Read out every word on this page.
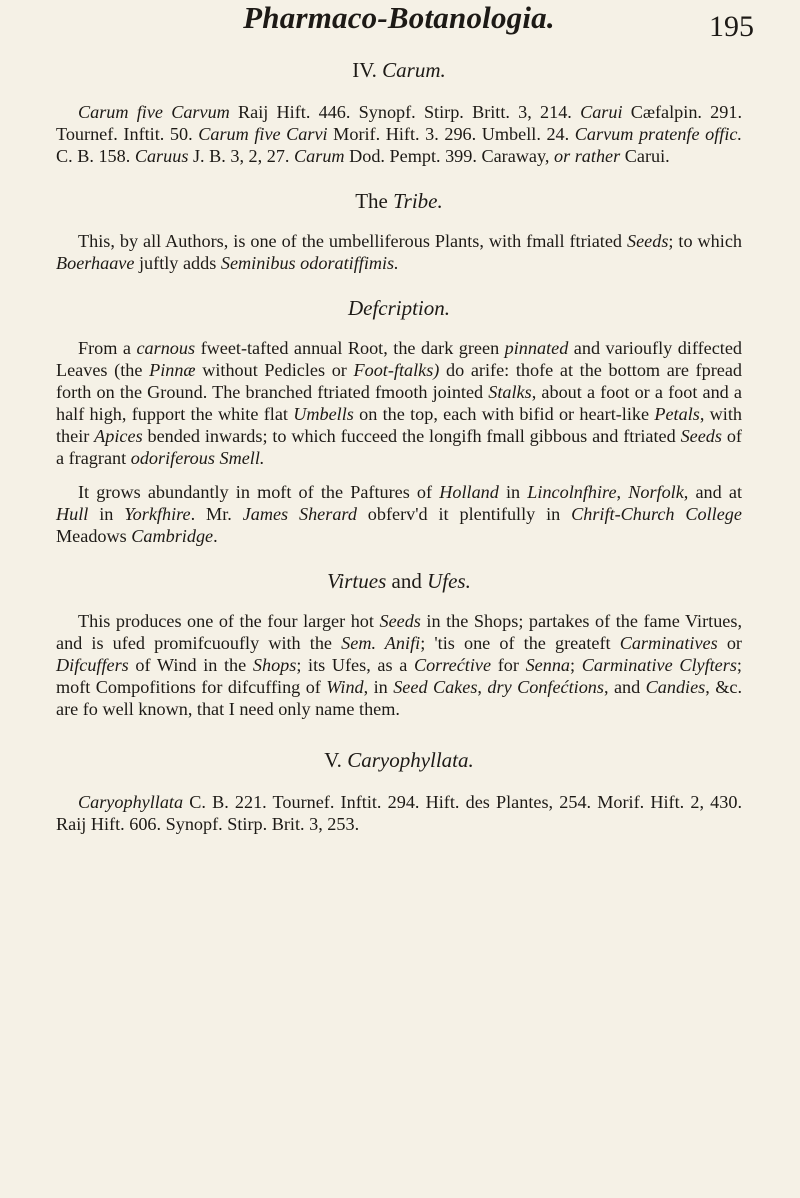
Pharmaco-Botanologia.	195
IV. Carum.

Carum five Carvum Raij Hift. 446. Synopf. Stirp. Britt. 3, 214. Carui Cæfalpin. 291. Tournef. Inftit. 50. Carum five Carvi Morif. Hift. 3. 296. Umbell. 24. Carvum pratenfe offic. C. B. 158. Caruus J. B. 3, 2, 27. Carum Dod. Pempt. 399. Caraway, or rather Carui.

The Tribe.

This, by all Authors, is one of the umbelliferous Plants, with fmall ftriated Seeds; to which Boerhaave juftly adds Seminibus odoratiffimis.

Defcription.

From a carnous fweet-tafted annual Root, the dark green pinnated and varioufly diffected Leaves (the Pinnæ without Pedicles or Foot-ftalks) do arife: thofe at the bottom are fpread forth on the Ground. The branched ftriated fmooth jointed Stalks, about a foot or a foot and a half high, fupport the white flat Umbells on the top, each with bifid or heart-like Petals, with their Apices bended inwards; to which fucceed the longifh fmall gibbous and ftriated Seeds of a fragrant odoriferous Smell.

It grows abundantly in moft of the Paftures of Holland in Lincolnfhire, Norfolk, and at Hull in Yorkfhire. Mr. James Sherard obferv'd it plentifully in Chrift-Church College Meadows Cambridge.

Virtues and Ufes.

This produces one of the four larger hot Seeds in the Shops; partakes of the fame Virtues, and is ufed promifcuoufly with the Sem. Anifi; 'tis one of the greateft Carminatives or Difcuffers of Wind in the Shops; its Ufes, as a Correćtive for Senna; Carminative Clyfters; moft Compofitions for difcuffing of Wind, in Seed Cakes, dry Confećtions, and Candies, &c. are fo well known, that I need only name them.

V. Caryophyllata.

Caryophyllata C. B. 221. Tournef. Inftit. 294. Hift. des Plantes, 254. Morif. Hift. 2, 430. Raij Hift. 606. Synopf. Stirp. Brit. 3, 253.
